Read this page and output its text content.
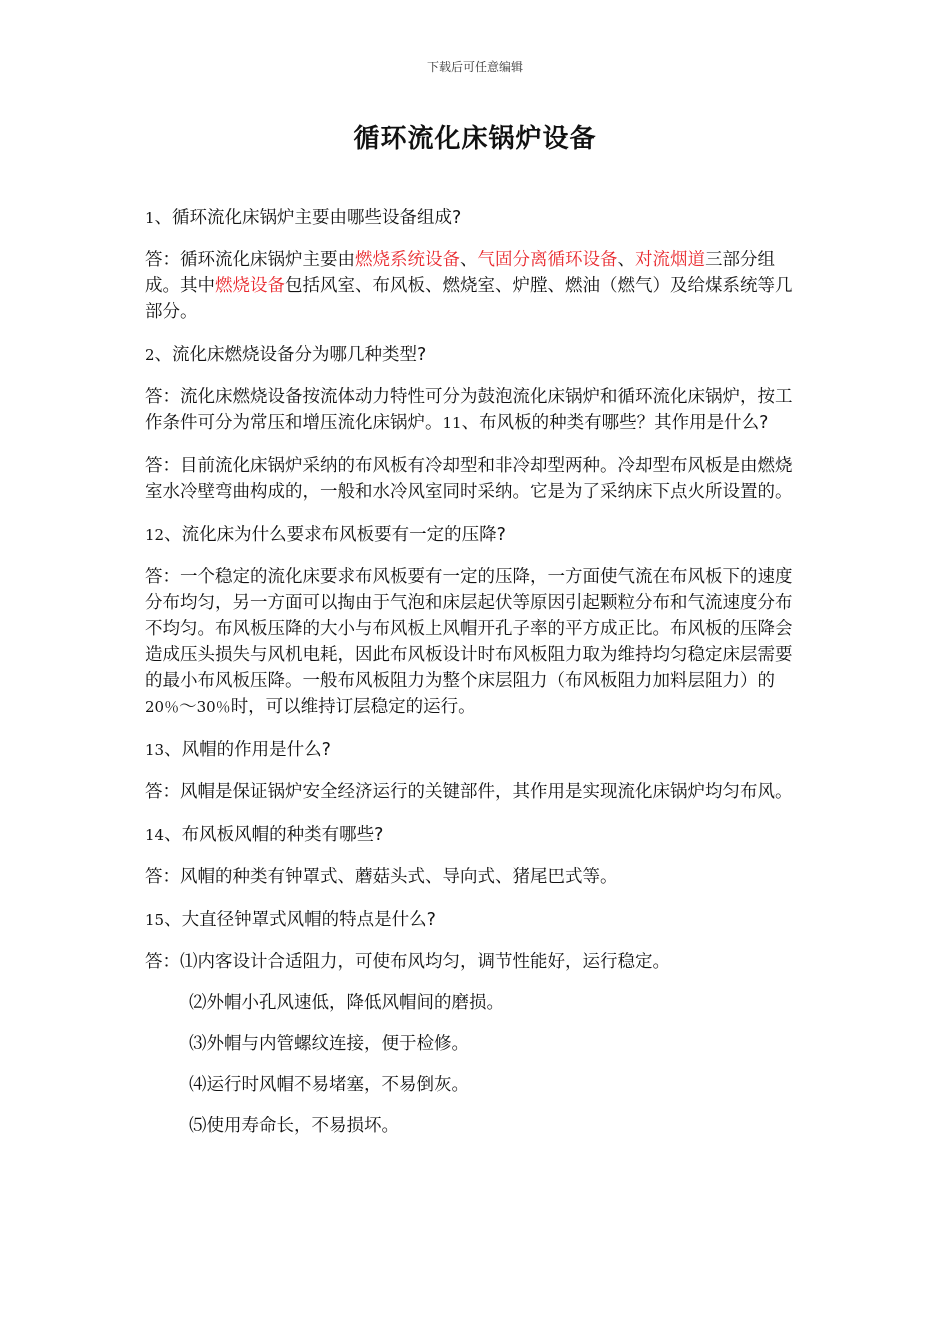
下载后可任意编辑
循环流化床锅炉设备

1、循环流化床锅炉主要由哪些设备组成?

答：循环流化床锅炉主要由燃烧系统设备、气固分离循环设备、对流烟道三部分组成。其中燃烧设备包括风室、布风板、燃烧室、炉膛、燃油（燃气）及给煤系统等几部分。

2、流化床燃烧设备分为哪几种类型?

答：流化床燃烧设备按流体动力特性可分为鼓泡流化床锅炉和循环流化床锅炉，按工作条件可分为常压和增压流化床锅炉。11、布风板的种类有哪些？其作用是什么?

答：目前流化床锅炉采纳的布风板有冷却型和非冷却型两种。冷却型布风板是由燃烧室水冷壁弯曲构成的，一般和水冷风室同时采纳。它是为了采纳床下点火所设置的。

12、流化床为什么要求布风板要有一定的压降?

答：一个稳定的流化床要求布风板要有一定的压降，一方面使气流在布风板下的速度分布均匀，另一方面可以掏由于气泡和床层起伏等原因引起颗粒分布和气流速度分布不均匀。布风板压降的大小与布风板上风帽开孔子率的平方成正比。布风板的压降会造成压头损失与风机电耗，因此布风板设计时布风板阻力取为维持均匀稳定床层需要的最小布风板压降。一般布风板阻力为整个床层阻力（布风板阻力加料层阻力）的20％～30％时，可以维持订层稳定的运行。

13、风帽的作用是什么?

答：风帽是保证锅炉安全经济运行的关键部件，其作用是实现流化床锅炉均匀布风。

14、布风板风帽的种类有哪些?

答：风帽的种类有钟罩式、蘑菇头式、导向式、猪尾巴式等。

15、大直径钟罩式风帽的特点是什么?

答：⑴内客设计合适阻力，可使布风均匀，调节性能好，运行稳定。

⑵外帽小孔风速低，降低风帽间的磨损。

⑶外帽与内管螺纹连接，便于检修。

⑷运行时风帽不易堵塞，不易倒灰。

⑸使用寿命长，不易损坏。
